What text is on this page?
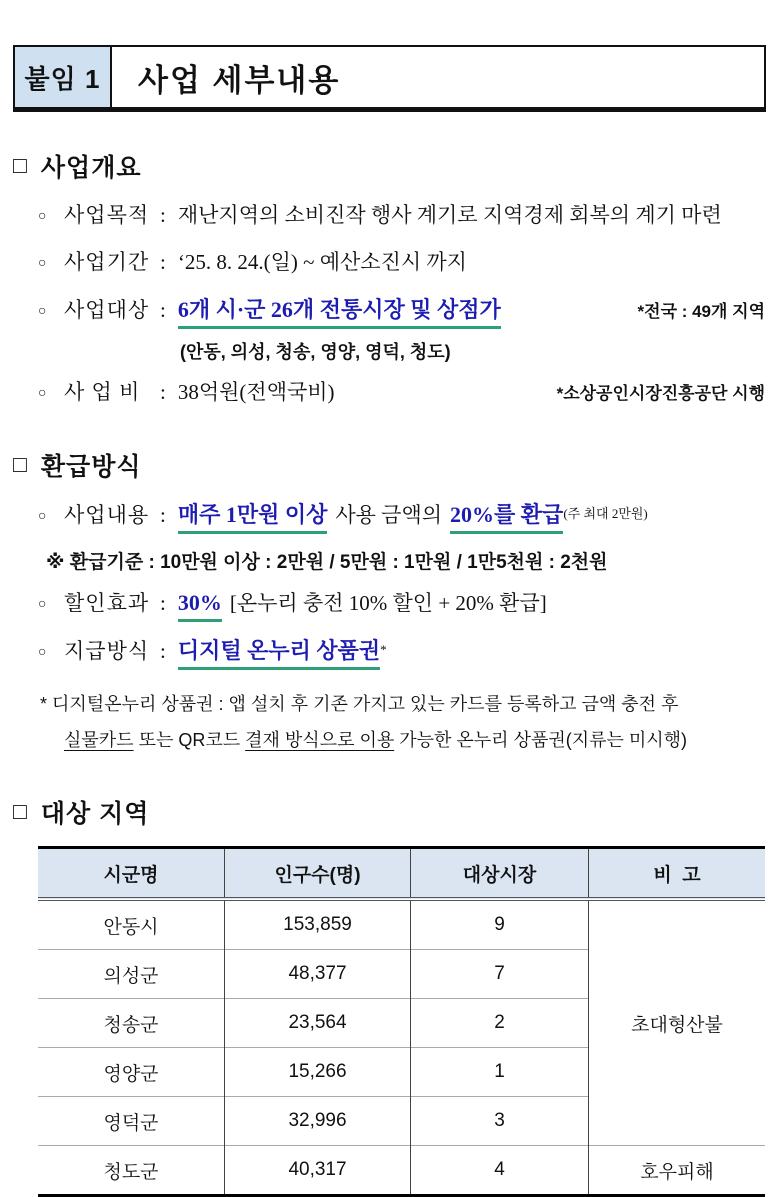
붙임 1	사업 세부내용
□ 사업개요
○ 사업목적 : 재난지역의 소비진작 행사 계기로 지역경제 회복의 계기 마련
○ 사업기간 : ‘25. 8. 24.(일) ~ 예산소진시 까지
○ 사업대상 : 6개 시·군 26개 전통시장 및 상점가	*전국 : 49개 지역
(안동, 의성, 청송, 영양, 영덕, 청도)
○ 사 업 비 : 38억원(전액국비)	*소상공인시장진흥공단 시행
□ 환급방식
○ 사업내용 : 매주 1만원 이상 사용 금액의 20%를 환급 (주 최대 2만원)
※ 환급기준 : 10만원 이상 : 2만원 / 5만원 : 1만원 / 1만5천원 : 2천원
○ 할인효과 : 30% [온누리 충전 10% 할인 + 20% 환급]
○ 지급방식 : 디지털 온누리 상품권 *
* 디지털온누리 상품권 : 앱 설치 후 기존 가지고 있는 카드를 등록하고 금액 충전 후
실물카드 또는 QR코드 결재 방식으로 이용 가능한 온누리 상품권(지류는 미시행)
□ 대상 지역
시군명	인구수(명)	대상시장	비  고
안동시	153,859	9	초대형산불
의성군	48,377	7	
청송군	23,564	2	
영양군	15,266	1	
영덕군	32,996	3	
청도군	40,317	4	호우피해
